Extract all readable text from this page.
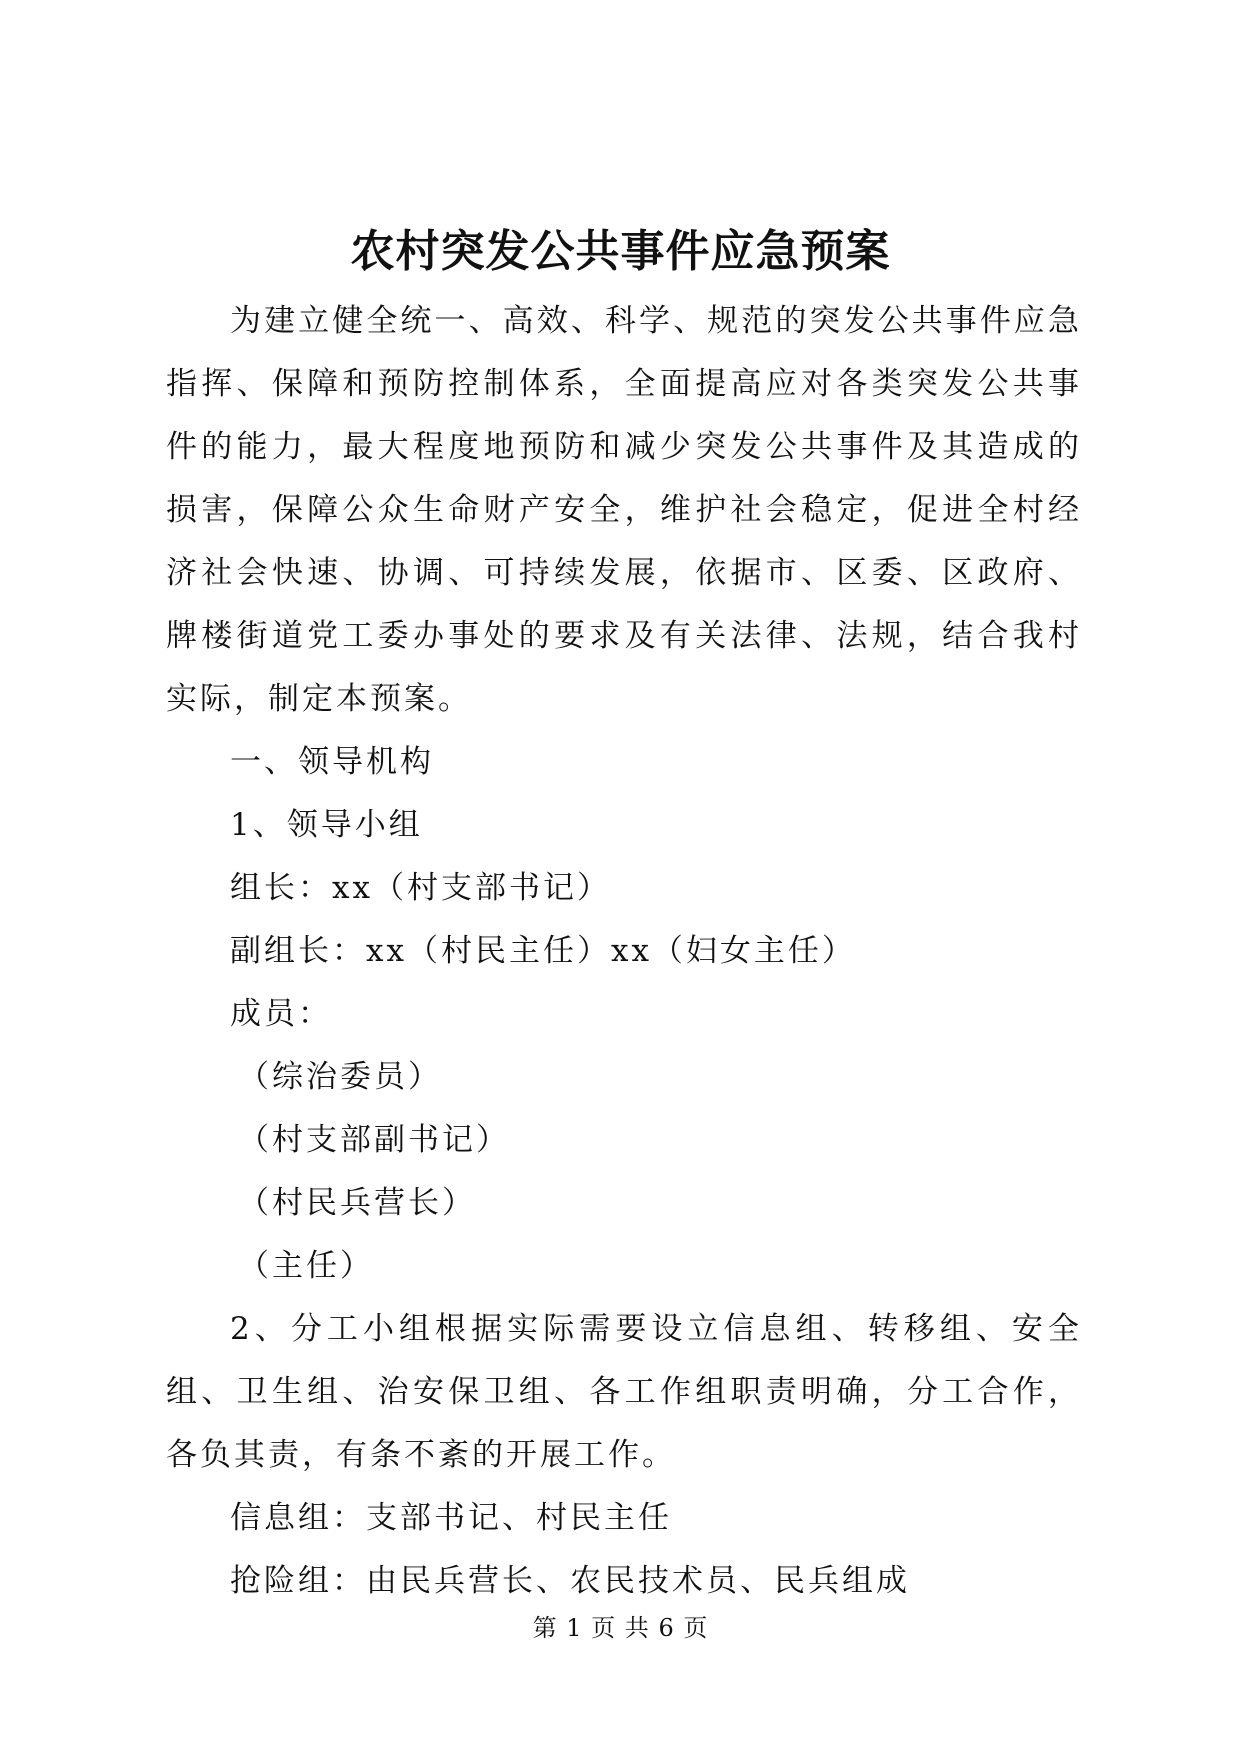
农村突发公共事件应急预案

为建立健全统一、高效、科学、规范的突发公共事件应急指挥、保障和预防控制体系，全面提高应对各类突发公共事件的能力，最大程度地预防和减少突发公共事件及其造成的损害，保障公众生命财产安全，维护社会稳定，促进全村经济社会快速、协调、可持续发展，依据市、区委、区政府、牌楼街道党工委办事处的要求及有关法律、法规，结合我村实际，制定本预案。

一、领导机构

1、领导小组

组长：xx（村支部书记）

副组长：xx（村民主任）xx（妇女主任）

成员：

（综治委员）

（村支部副书记）

（村民兵营长）

（主任）

2、分工小组根据实际需要设立信息组、转移组、安全组、卫生组、治安保卫组、各工作组职责明确，分工合作，各负其责，有条不紊的开展工作。

信息组：支部书记、村民主任

抢险组：由民兵营长、农民技术员、民兵组成

第 1 页 共 6 页
